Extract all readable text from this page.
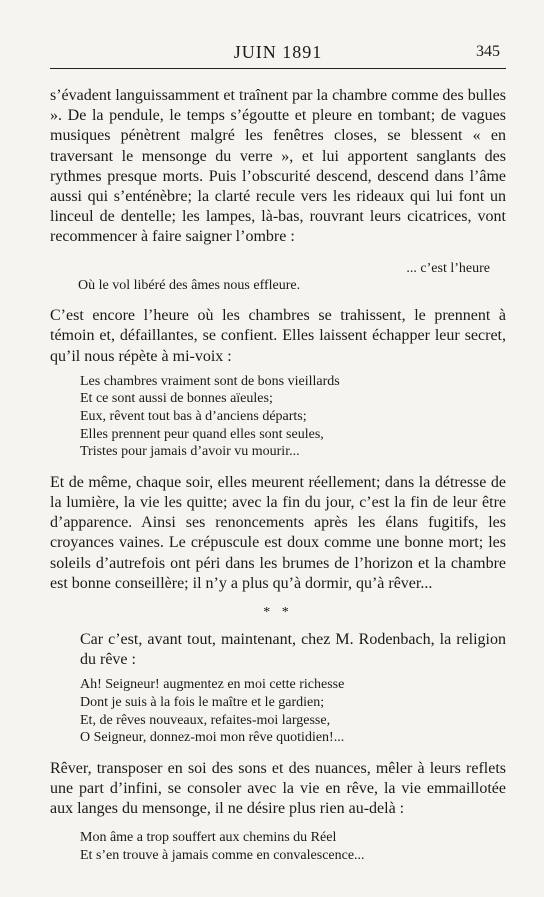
JUIN 1891	345

s’évadent languissamment et traînent par la chambre comme des bulles ». De la pendule, le temps s’égoutte et pleure en tombant; de vagues musiques pénètrent malgré les fenêtres closes, se blessent « en traversant le mensonge du verre », et lui apportent sanglants des rythmes presque morts. Puis l’obscurité descend, descend dans l’âme aussi qui s’enténèbre; la clarté recule vers les rideaux qui lui font un linceul de dentelle; les lampes, là-bas, rouvrant leurs cicatrices, vont recommencer à faire saigner l’ombre :

... c’est l’heure
Où le vol libéré des âmes nous effleure.

C’est encore l’heure où les chambres se trahissent, le prennent à témoin et, défaillantes, se confient. Elles laissent échapper leur secret, qu’il nous répète à mi-voix :

Les chambres vraiment sont de bons vieillards
Et ce sont aussi de bonnes aïeules;
Eux, rêvent tout bas à d’anciens départs;
Elles prennent peur quand elles sont seules,
Tristes pour jamais d’avoir vu mourir...

Et de même, chaque soir, elles meurent réellement; dans la détresse de la lumière, la vie les quitte; avec la fin du jour, c’est la fin de leur être d’apparence. Ainsi ses renoncements après les élans fugitifs, les croyances vaines. Le crépuscule est doux comme une bonne mort; les soleils d’autrefois ont péri dans les brumes de l’horizon et la chambre est bonne conseillère; il n’y a plus qu’à dormir, qu’à rêver...

* *

Car c’est, avant tout, maintenant, chez M. Rodenbach, la religion du rêve :

Ah! Seigneur! augmentez en moi cette richesse
Dont je suis à la fois le maître et le gardien;
Et, de rêves nouveaux, refaites-moi largesse,
O Seigneur, donnez-moi mon rêve quotidien!...

Rêver, transposer en soi des sons et des nuances, mêler à leurs reflets une part d’infini, se consoler avec la vie en rêve, la vie emmaillotée aux langes du mensonge, il ne désire plus rien au-delà :

Mon âme a trop souffert aux chemins du Réel
Et s’en trouve à jamais comme en convalescence...
